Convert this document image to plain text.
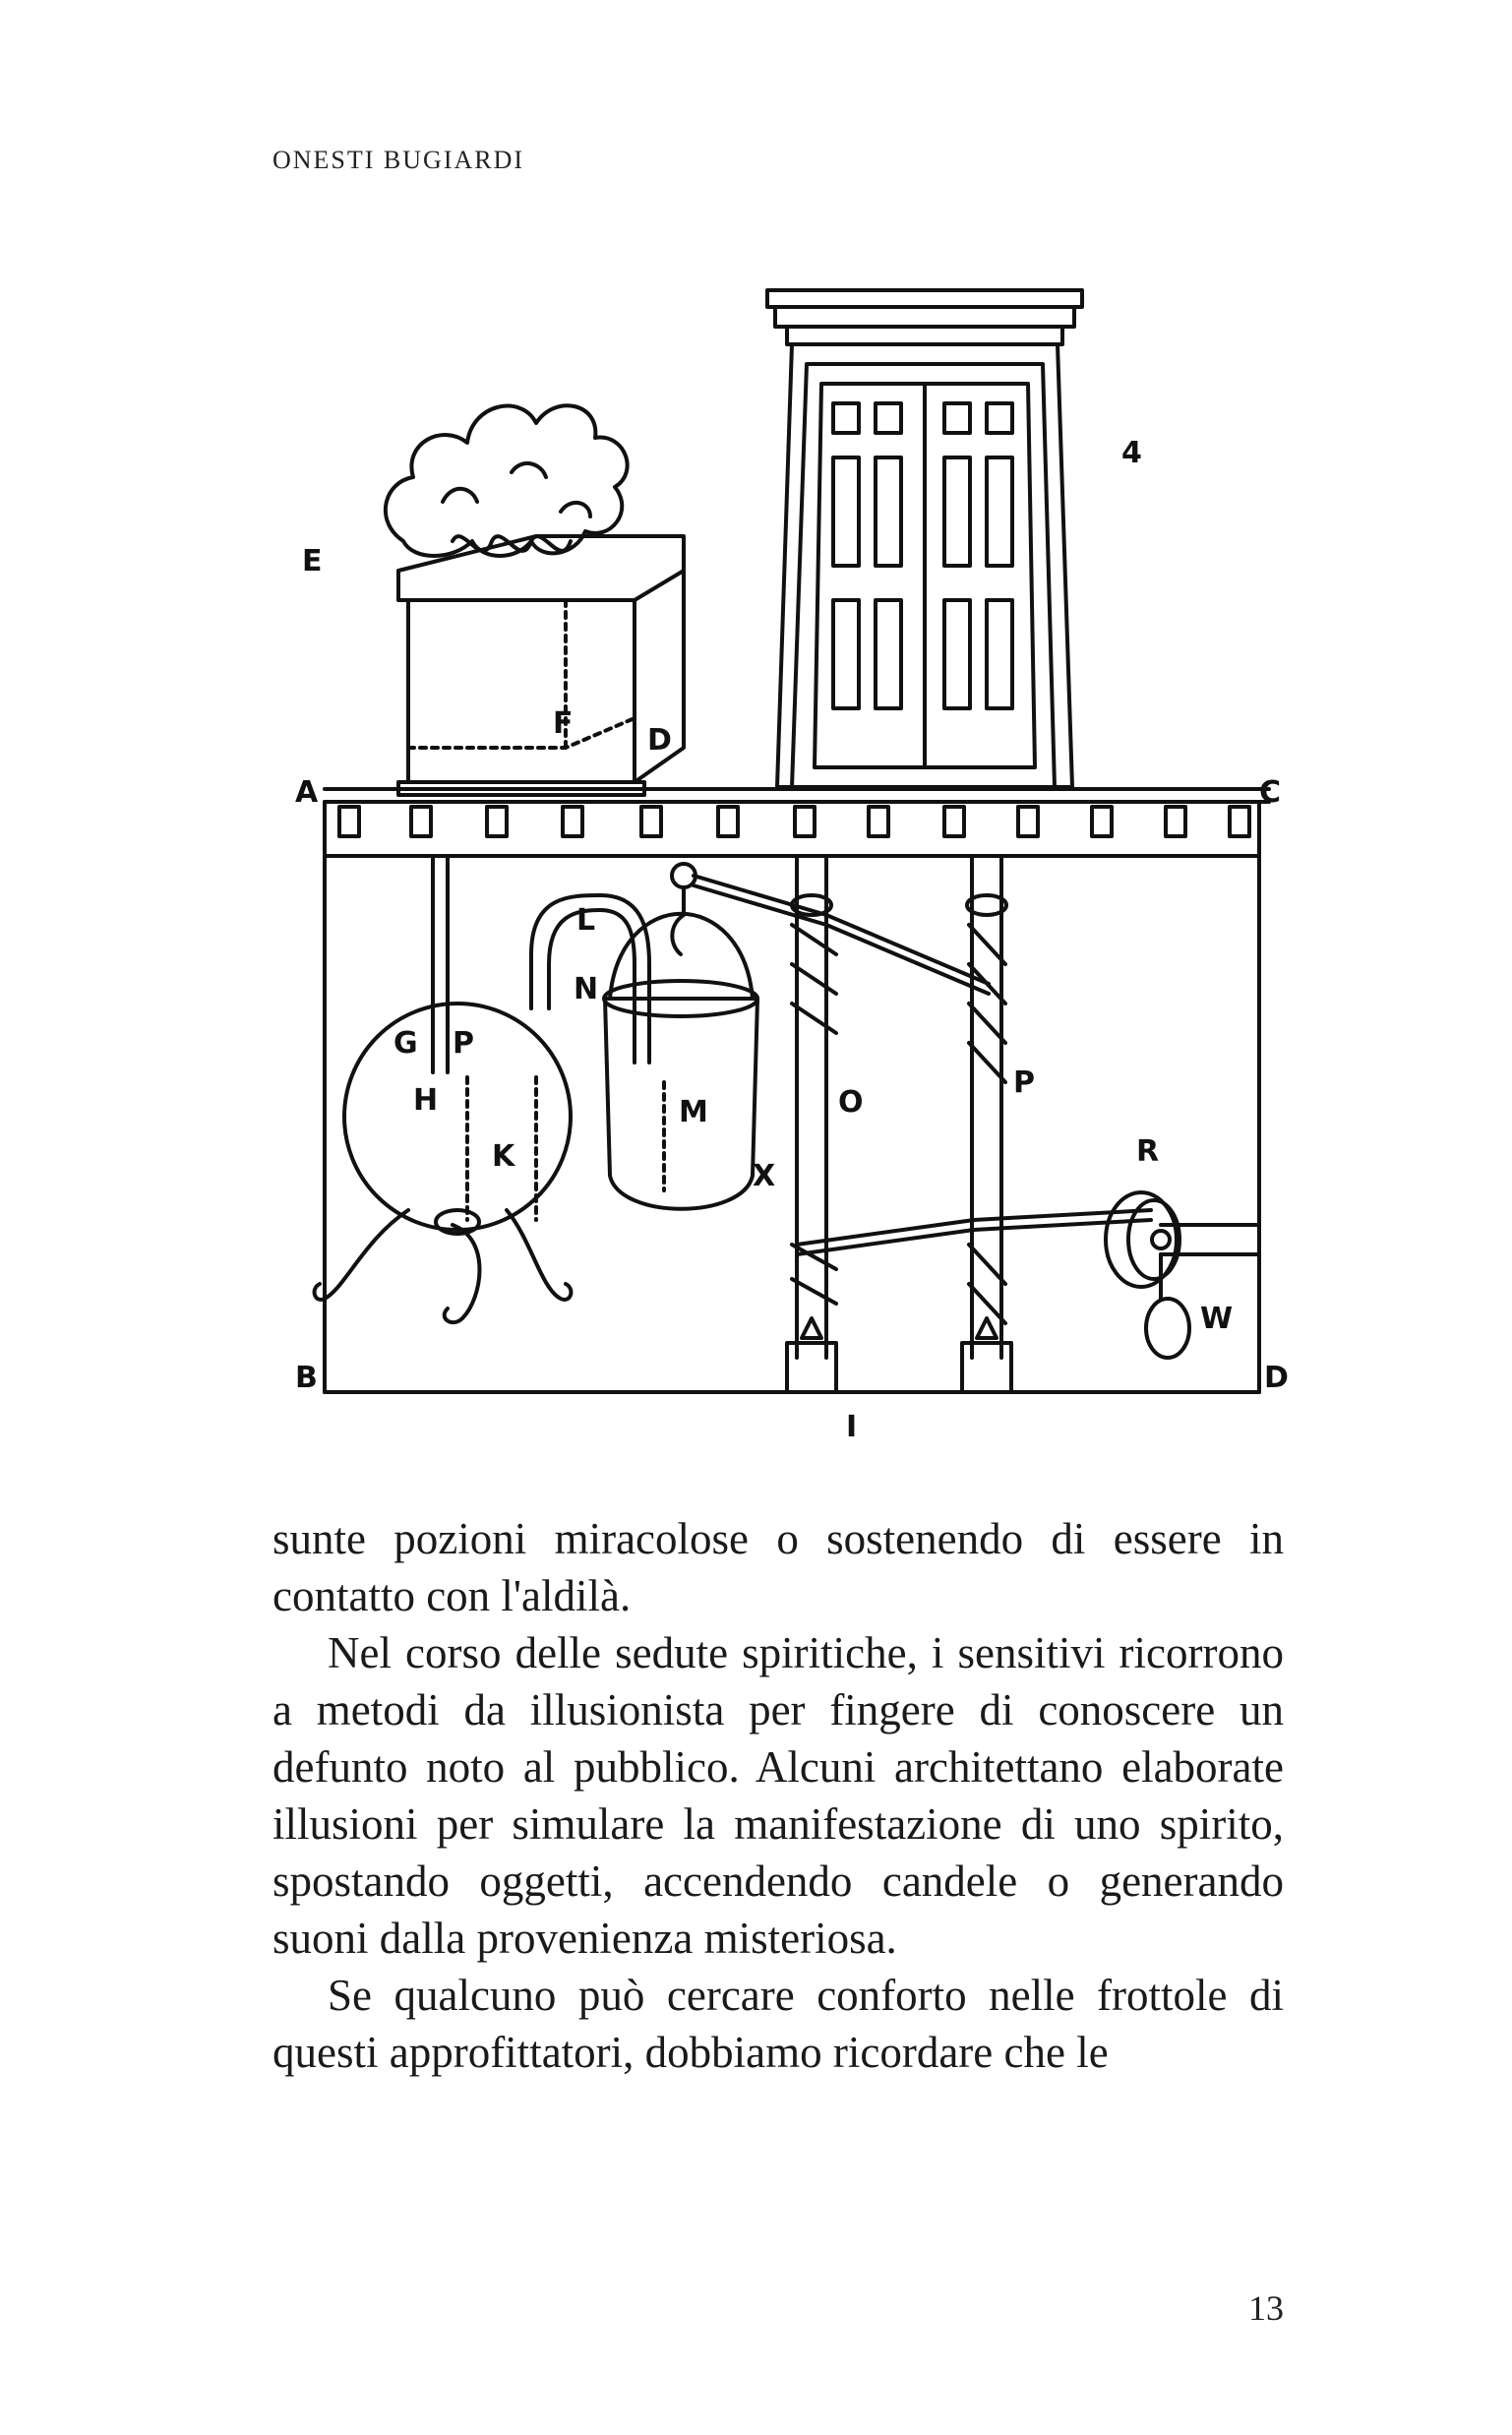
ONESTI BUGIARDI
4
E
F	D
A	C
L
N
G P
H
K
M	O
P
X
R
W
B	D
I

sunte pozioni miracolose o sostenendo di essere in contatto con l'aldilà.

Nel corso delle sedute spiritiche, i sensitivi ricorrono a metodi da illusionista per fingere di conoscere un defunto noto al pubblico. Alcuni architettano elaborate illusioni per simulare la manifestazione di uno spirito, spostando oggetti, accendendo candele o generando suoni dalla provenienza misteriosa.

Se qualcuno può cercare conforto nelle frottole di questi approfittatori, dobbiamo ricordare che le

13
